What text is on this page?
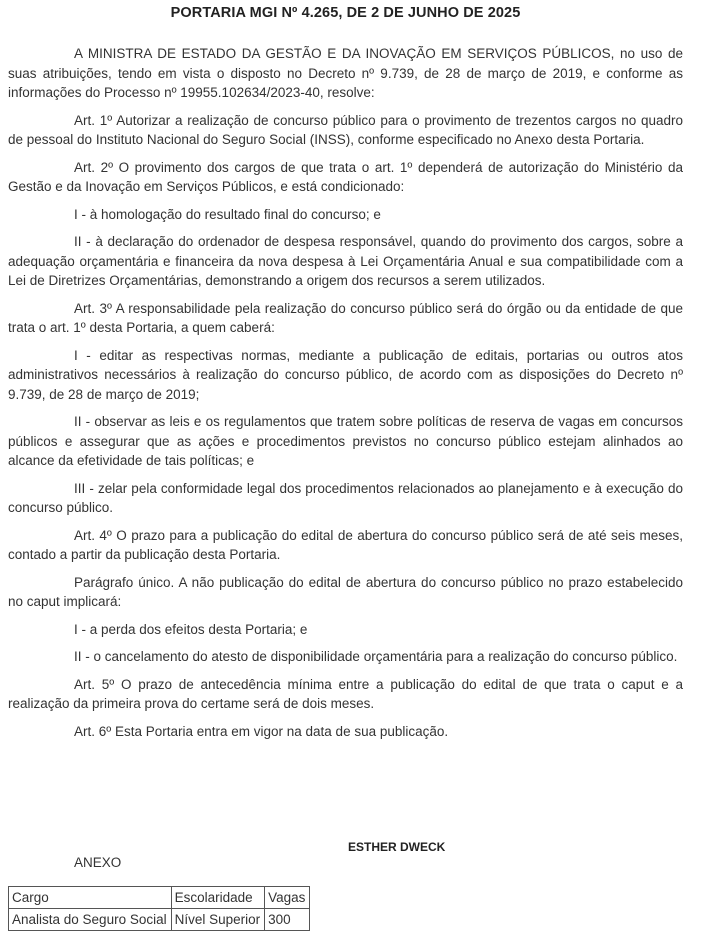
PORTARIA MGI Nº 4.265, DE 2 DE JUNHO DE 2025

A MINISTRA DE ESTADO DA GESTÃO E DA INOVAÇÃO EM SERVIÇOS PÚBLICOS, no uso de suas atribuições, tendo em vista o disposto no Decreto nº 9.739, de 28 de março de 2019, e conforme as informações do Processo nº 19955.102634/2023-40, resolve:

Art. 1º Autorizar a realização de concurso público para o provimento de trezentos cargos no quadro de pessoal do Instituto Nacional do Seguro Social (INSS), conforme especificado no Anexo desta Portaria.

Art. 2º O provimento dos cargos de que trata o art. 1º dependerá de autorização do Ministério da Gestão e da Inovação em Serviços Públicos, e está condicionado:

I - à homologação do resultado final do concurso; e

II - à declaração do ordenador de despesa responsável, quando do provimento dos cargos, sobre a adequação orçamentária e financeira da nova despesa à Lei Orçamentária Anual e sua compatibilidade com a Lei de Diretrizes Orçamentárias, demonstrando a origem dos recursos a serem utilizados.

Art. 3º A responsabilidade pela realização do concurso público será do órgão ou da entidade de que trata o art. 1º desta Portaria, a quem caberá:

I - editar as respectivas normas, mediante a publicação de editais, portarias ou outros atos administrativos necessários à realização do concurso público, de acordo com as disposições do Decreto nº 9.739, de 28 de março de 2019;

II - observar as leis e os regulamentos que tratem sobre políticas de reserva de vagas em concursos públicos e assegurar que as ações e procedimentos previstos no concurso público estejam alinhados ao alcance da efetividade de tais políticas; e

III - zelar pela conformidade legal dos procedimentos relacionados ao planejamento e à execução do concurso público.

Art. 4º O prazo para a publicação do edital de abertura do concurso público será de até seis meses, contado a partir da publicação desta Portaria.

Parágrafo único. A não publicação do edital de abertura do concurso público no prazo estabelecido no caput implicará:

I - a perda dos efeitos desta Portaria; e

II - o cancelamento do atesto de disponibilidade orçamentária para a realização do concurso público.

Art. 5º O prazo de antecedência mínima entre a publicação do edital de que trata o caput e a realização da primeira prova do certame será de dois meses.

Art. 6º Esta Portaria entra em vigor na data de sua publicação.

ESTHER DWECK
ANEXO
Cargo	Escolaridade	Vagas
Analista do Seguro Social	Nível Superior	300
